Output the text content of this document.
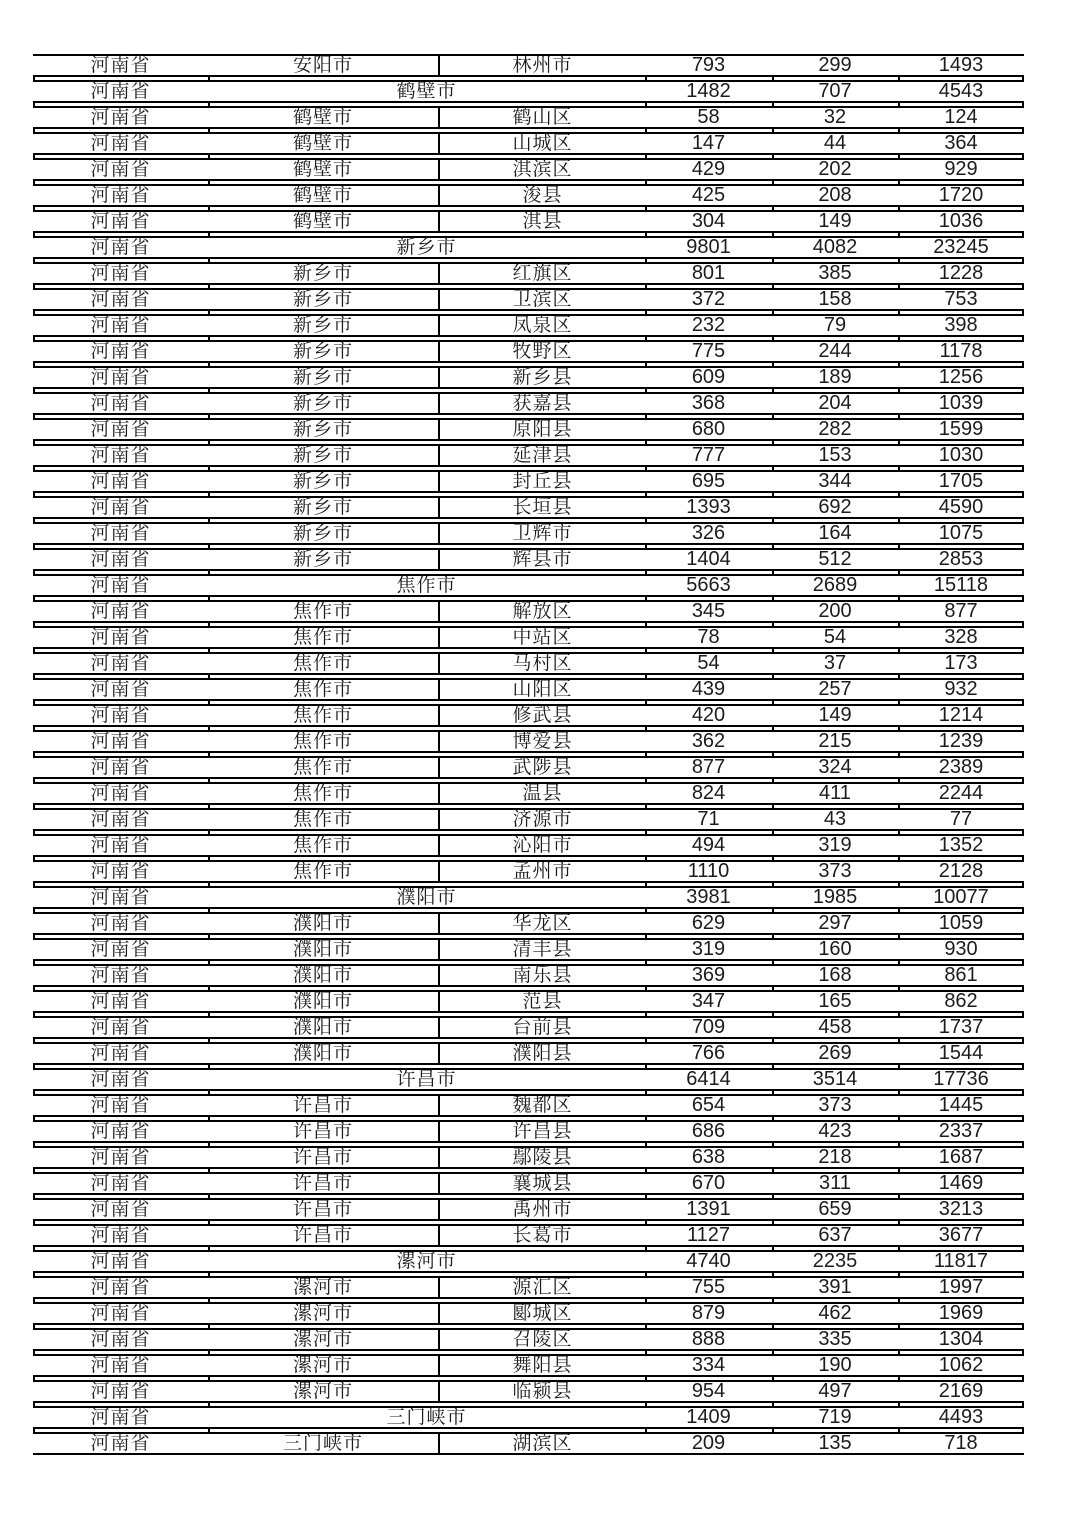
河南省	安阳市	林州市	793	299	1493
河南省	鹤壁市	1482	707	4543
河南省	鹤壁市	鹤山区	58	32	124
河南省	鹤壁市	山城区	147	44	364
河南省	鹤壁市	淇滨区	429	202	929
河南省	鹤壁市	浚县	425	208	1720
河南省	鹤壁市	淇县	304	149	1036
河南省	新乡市	9801	4082	23245
河南省	新乡市	红旗区	801	385	1228
河南省	新乡市	卫滨区	372	158	753
河南省	新乡市	凤泉区	232	79	398
河南省	新乡市	牧野区	775	244	1178
河南省	新乡市	新乡县	609	189	1256
河南省	新乡市	获嘉县	368	204	1039
河南省	新乡市	原阳县	680	282	1599
河南省	新乡市	延津县	777	153	1030
河南省	新乡市	封丘县	695	344	1705
河南省	新乡市	长垣县	1393	692	4590
河南省	新乡市	卫辉市	326	164	1075
河南省	新乡市	辉县市	1404	512	2853
河南省	焦作市	5663	2689	15118
河南省	焦作市	解放区	345	200	877
河南省	焦作市	中站区	78	54	328
河南省	焦作市	马村区	54	37	173
河南省	焦作市	山阳区	439	257	932
河南省	焦作市	修武县	420	149	1214
河南省	焦作市	博爱县	362	215	1239
河南省	焦作市	武陟县	877	324	2389
河南省	焦作市	温县	824	411	2244
河南省	焦作市	济源市	71	43	77
河南省	焦作市	沁阳市	494	319	1352
河南省	焦作市	孟州市	1110	373	2128
河南省	濮阳市	3981	1985	10077
河南省	濮阳市	华龙区	629	297	1059
河南省	濮阳市	清丰县	319	160	930
河南省	濮阳市	南乐县	369	168	861
河南省	濮阳市	范县	347	165	862
河南省	濮阳市	台前县	709	458	1737
河南省	濮阳市	濮阳县	766	269	1544
河南省	许昌市	6414	3514	17736
河南省	许昌市	魏都区	654	373	1445
河南省	许昌市	许昌县	686	423	2337
河南省	许昌市	鄢陵县	638	218	1687
河南省	许昌市	襄城县	670	311	1469
河南省	许昌市	禹州市	1391	659	3213
河南省	许昌市	长葛市	1127	637	3677
河南省	漯河市	4740	2235	11817
河南省	漯河市	源汇区	755	391	1997
河南省	漯河市	郾城区	879	462	1969
河南省	漯河市	召陵区	888	335	1304
河南省	漯河市	舞阳县	334	190	1062
河南省	漯河市	临颍县	954	497	2169
河南省	三门峡市	1409	719	4493
河南省	三门峡市	湖滨区	209	135	718
